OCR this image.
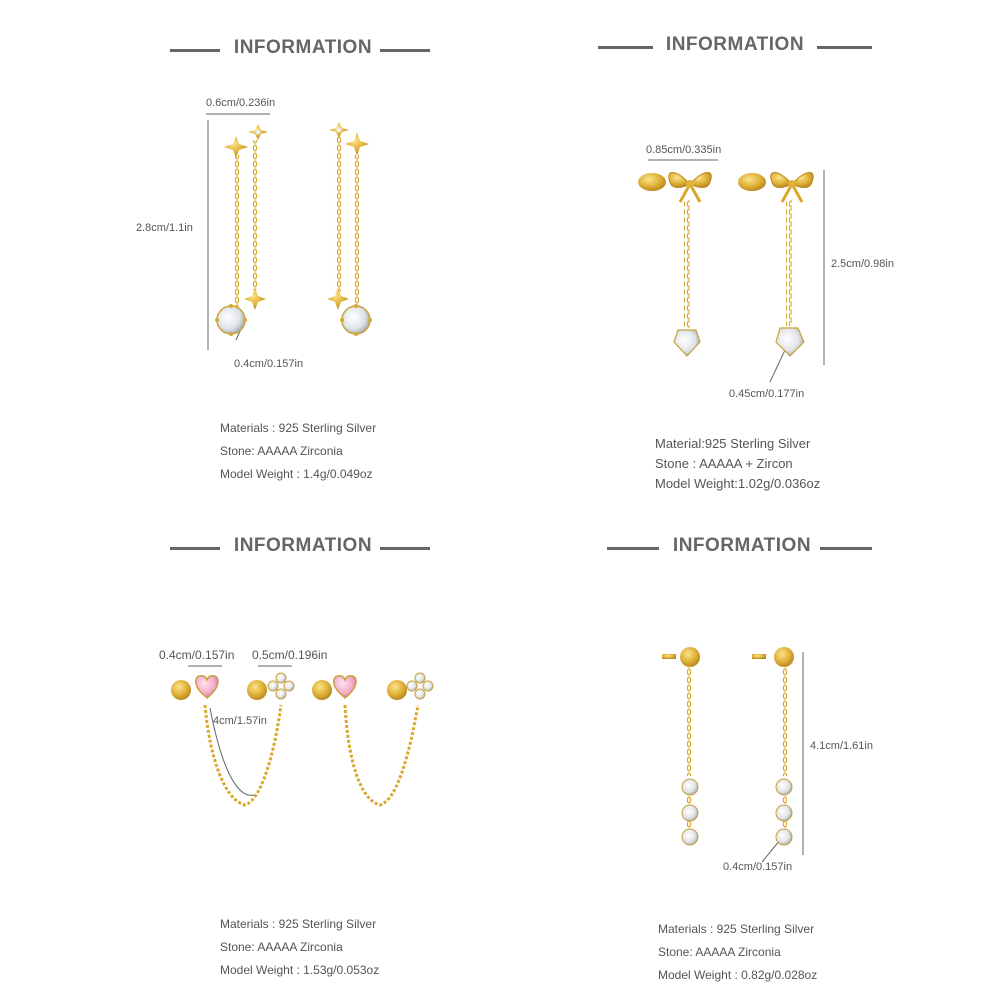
INFORMATION
0.6cm/0.236in
2.8cm/1.1in
0.4cm/0.157in
Materials : 925 Sterling Silver
Stone: AAAAA Zirconia
Model Weight : 1.4g/0.049oz
INFORMATION
0.85cm/0.335in
2.5cm/0.98in
0.45cm/0.177in
Material:925 Sterling Silver
Stone : AAAAA + Zircon
Model Weight:1.02g/0.036oz
INFORMATION
0.4cm/0.157in 0.5cm/0.196in
4cm/1.57in
Materials : 925 Sterling Silver
Stone: AAAAA Zirconia
Model Weight : 1.53g/0.053oz
INFORMATION
4.1cm/1.61in
0.4cm/0.157in
Materials : 925 Sterling Silver
Stone: AAAAA Zirconia
Model Weight : 0.82g/0.028oz
